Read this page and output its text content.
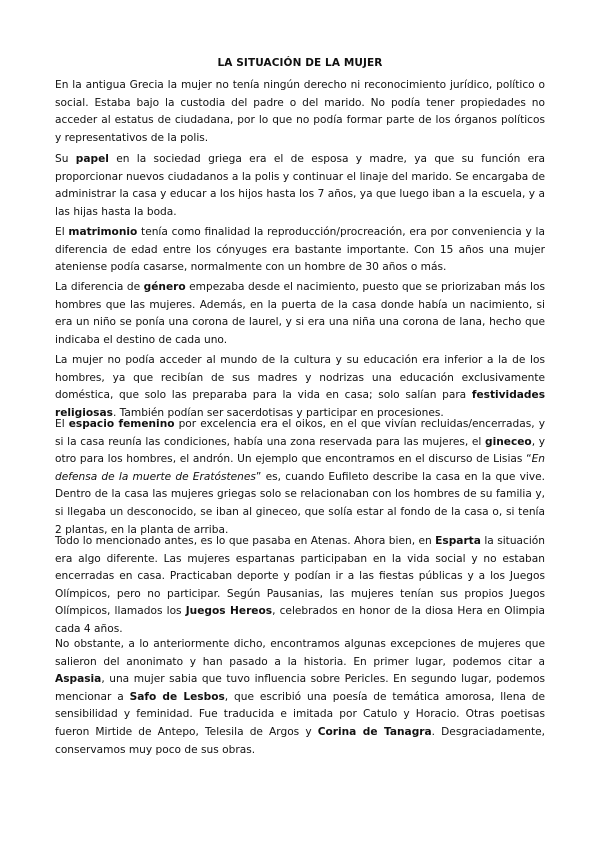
LA SITUACIÓN DE LA MUJER

En la antigua Grecia la mujer no tenía ningún derecho ni reconocimiento jurídico, político o social. Estaba bajo la custodia del padre o del marido. No podía tener propiedades no acceder al estatus de ciudadana, por lo que no podía formar parte de los órganos políticos y representativos de la polis.

Su papel en la sociedad griega era el de esposa y madre, ya que su función era proporcionar nuevos ciudadanos a la polis y continuar el linaje del marido. Se encargaba de administrar la casa y educar a los hijos hasta los 7 años, ya que luego iban a la escuela, y a las hijas hasta la boda.

El matrimonio tenía como finalidad la reproducción/procreación, era por conveniencia y la diferencia de edad entre los cónyuges era bastante importante. Con 15 años una mujer ateniense podía casarse, normalmente con un hombre de 30 años o más.

La diferencia de género empezaba desde el nacimiento, puesto que se priorizaban más los hombres que las mujeres. Además, en la puerta de la casa donde había un nacimiento, si era un niño se ponía una corona de laurel, y si era una niña una corona de lana, hecho que indicaba el destino de cada uno.

La mujer no podía acceder al mundo de la cultura y su educación era inferior a la de los hombres, ya que recibían de sus madres y nodrizas una educación exclusivamente doméstica, que solo las preparaba para la vida en casa; solo salían para festividades religiosas. También podían ser sacerdotisas y participar en procesiones.

El espacio femenino por excelencia era el oikos, en el que vivían recluidas/encerradas, y si la casa reunía las condiciones, había una zona reservada para las mujeres, el gineceo, y otro para los hombres, el andrón. Un ejemplo que encontramos en el discurso de Lisias “En defensa de la muerte de Eratóstenes” es, cuando Eufileto describe la casa en la que vive. Dentro de la casa las mujeres griegas solo se relacionaban con los hombres de su familia y, si llegaba un desconocido, se iban al gineceo, que solía estar al fondo de la casa o, si tenía 2 plantas, en la planta de arriba.

Todo lo mencionado antes, es lo que pasaba en Atenas. Ahora bien, en Esparta la situación era algo diferente. Las mujeres espartanas participaban en la vida social y no estaban encerradas en casa. Practicaban deporte y podían ir a las fiestas públicas y a los Juegos Olímpicos, pero no participar. Según Pausanias, las mujeres tenían sus propios Juegos Olímpicos, llamados los Juegos Hereos, celebrados en honor de la diosa Hera en Olimpia cada 4 años.

No obstante, a lo anteriormente dicho, encontramos algunas excepciones de mujeres que salieron del anonimato y han pasado a la historia. En primer lugar, podemos citar a Aspasia, una mujer sabia que tuvo influencia sobre Pericles. En segundo lugar, podemos mencionar a Safo de Lesbos, que escribió una poesía de temática amorosa, llena de sensibilidad y feminidad. Fue traducida e imitada por Catulo y Horacio. Otras poetisas fueron Mirtide de Antepo, Telesila de Argos y Corina de Tanagra. Desgraciadamente, conservamos muy poco de sus obras.
